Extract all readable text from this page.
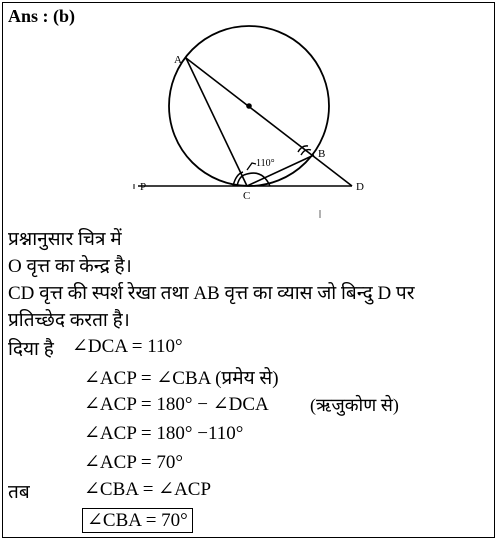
Ans : (b)
A
B
C
D
P
110°
प्रश्नानुसार चित्र में
O वृत्त का केन्द्र है।
CD वृत्त की स्पर्श रेखा तथा AB वृत्त का व्यास जो बिन्दु D पर
प्रतिच्छेद करता है।
दिया है ∠DCA = 110°
∠ACP = ∠CBA (प्रमेय से)
∠ACP = 180° − ∠DCA (ऋजुकोण से)
∠ACP = 180° −110°
∠ACP = 70°
तब	∠CBA = ∠ACP
∠CBA = 70°
